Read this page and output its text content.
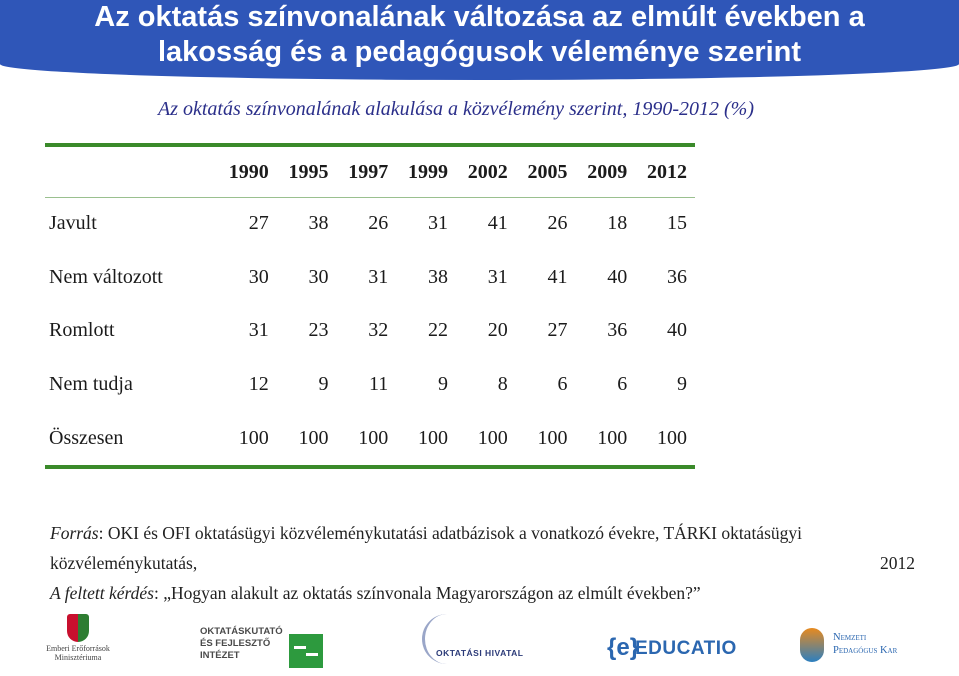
Az oktatás színvonalának változása az elmúlt években a
lakosság és a pedagógusok véleménye szerint
Az oktatás színvonalának alakulása a közvélemény szerint, 1990-2012 (%)
	1990	1995	1997	1999	2002	2005	2009	2012
Javult	27	38	26	31	41	26	18	15
Nem változott	30	30	31	38	31	41	40	36
Romlott	31	23	32	22	20	27	36	40
Nem tudja	12	9	11	9	8	6	6	9
Összesen	100	100	100	100	100	100	100	100
Forrás: OKI és OFI oktatásügyi közvéleménykutatási adatbázisok a vonatkozó évekre, TÁRKI oktatásügyi
közvéleménykutatás,	2012
A feltett kérdés: „Hogyan alakult az oktatás színvonala Magyarországon az elmúlt években?”
Emberi Erőforrások
Minisztériuma
OKTATÁSKUTATÓ
ÉS FEJLESZTŐ
INTÉZET	OKTATÁSI HIVATAL	{e}
EDUCATIO
Nemzeti
Pedagógus Kar
